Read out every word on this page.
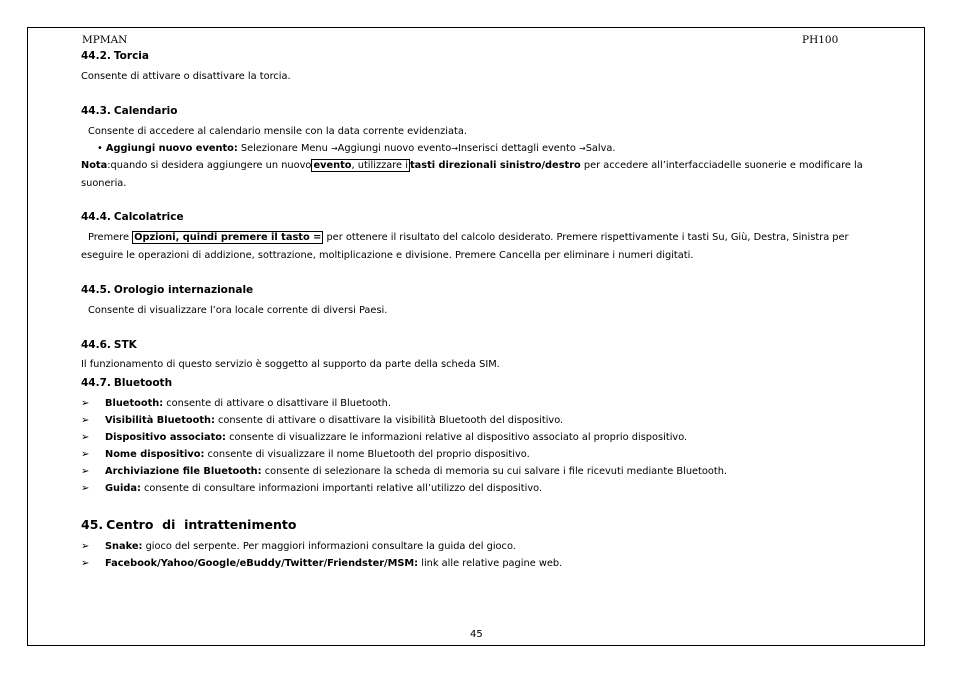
MPMAN	PH100
44.2. Torcia
Consente di attivare o disattivare la torcia.
44.3. Calendario
Consente di accedere al calendario mensile con la data corrente evidenziata.
• Aggiungi nuovo evento: Selezionare Menu →Aggiungi nuovo evento→Inserisci dettagli evento →Salva.
Nota:quando si desidera aggiungere un nuovo evento, utilizzare i tasti direzionali sinistro/destro per accedere all’interfacciadelle suonerie e modificare la
suoneria.
44.4. Calcolatrice
Premere Opzioni, quindi premere il tasto = per ottenere il risultato del calcolo desiderato. Premere rispettivamente i tasti Su, Giù, Destra, Sinistra per
eseguire le operazioni di addizione, sottrazione, moltiplicazione e divisione. Premere Cancella per eliminare i numeri digitati.
44.5. Orologio internazionale
Consente di visualizzare l’ora locale corrente di diversi Paesi.
44.6. STK
Il funzionamento di questo servizio è soggetto al supporto da parte della scheda SIM.
44.7. Bluetooth
➢ Bluetooth: consente di attivare o disattivare il Bluetooth.
➢ Visibilità Bluetooth: consente di attivare o disattivare la visibilità Bluetooth del dispositivo.
➢ Dispositivo associato: consente di visualizzare le informazioni relative al dispositivo associato al proprio dispositivo.
➢ Nome dispositivo: consente di visualizzare il nome Bluetooth del proprio dispositivo.
➢ Archiviazione file Bluetooth: consente di selezionare la scheda di memoria su cui salvare i file ricevuti mediante Bluetooth.
➢ Guida: consente di consultare informazioni importanti relative all’utilizzo del dispositivo.
45. Centro  di  intrattenimento
➢ Snake: gioco del serpente. Per maggiori informazioni consultare la guida del gioco.
➢ Facebook/Yahoo/Google/eBuddy/Twitter/Friendster/MSM: link alle relative pagine web.
45
